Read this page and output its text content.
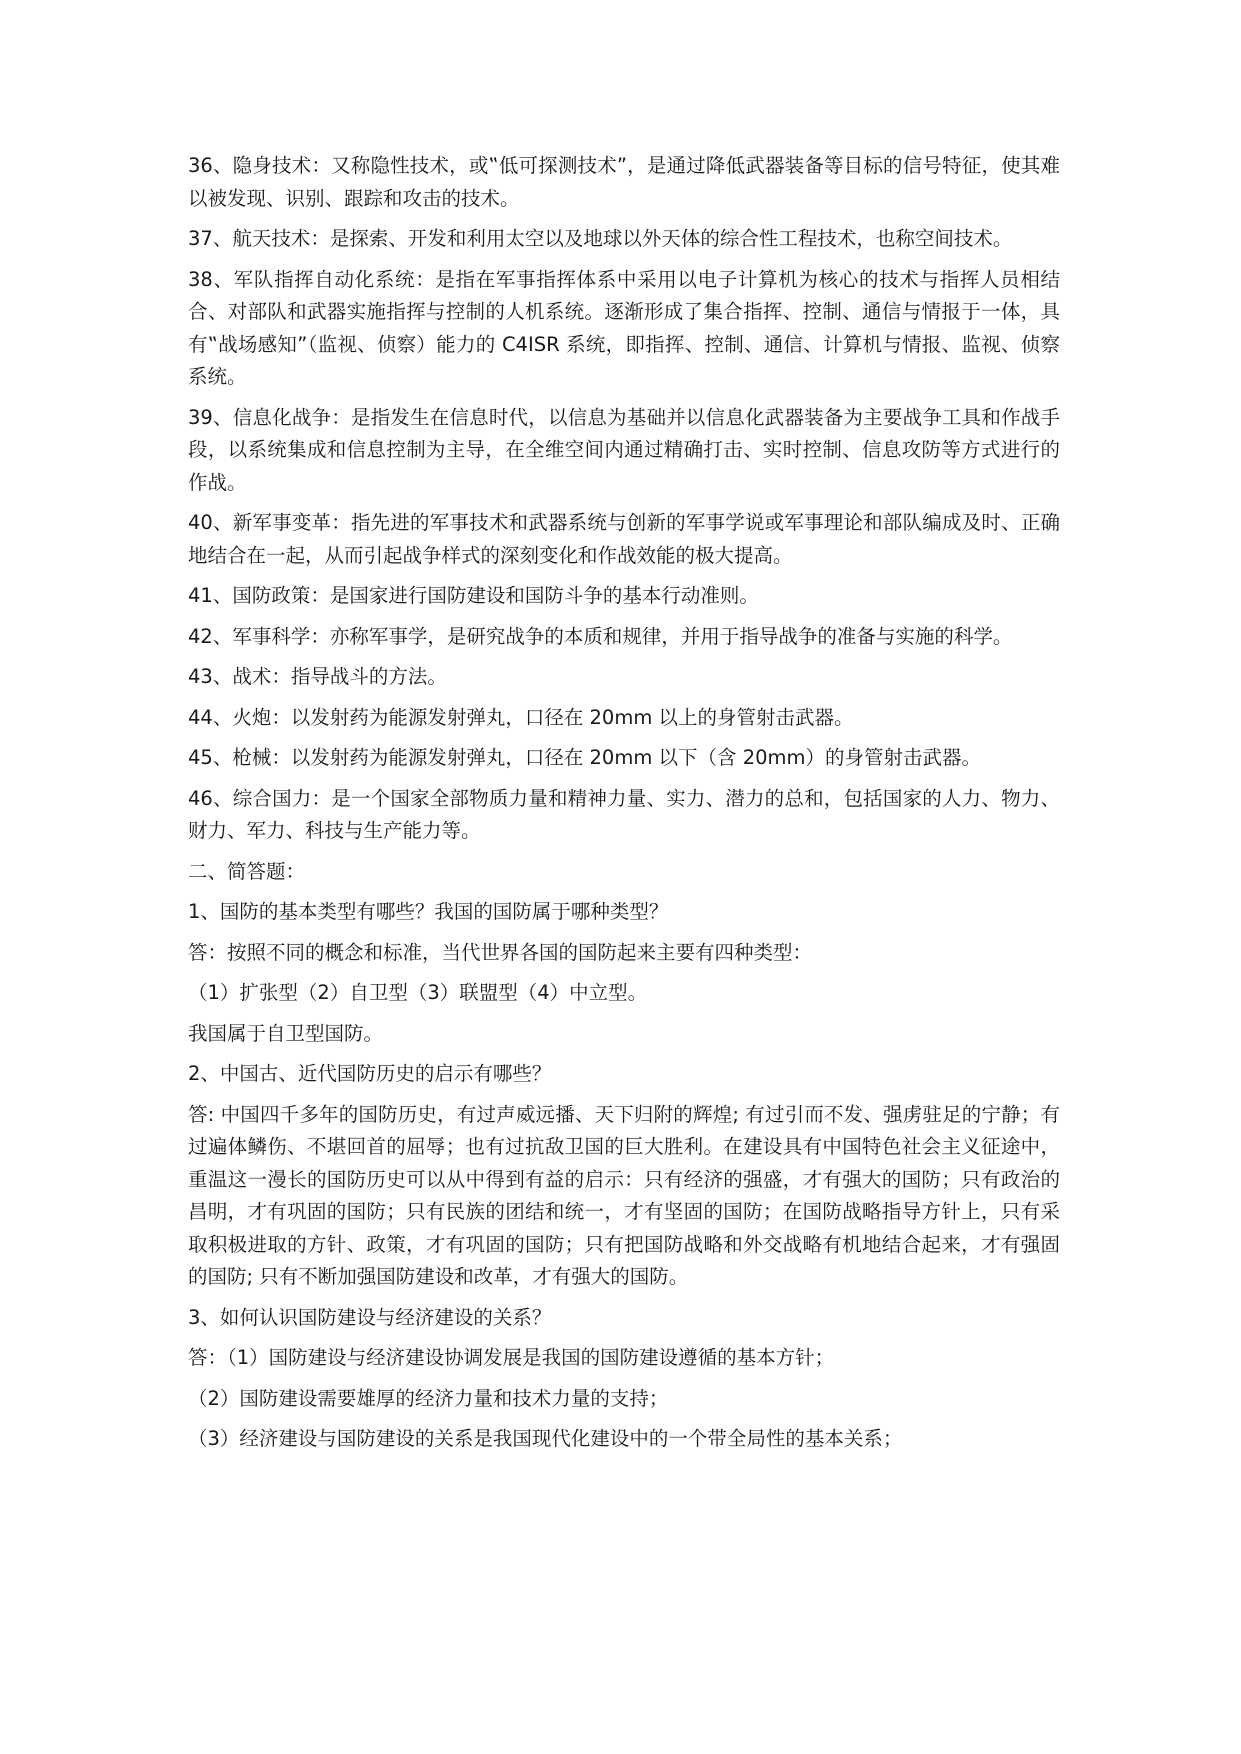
36、隐身技术：又称隐性技术，或‟低可探测技术”，是通过降低武器装备等目标的信号特征，使其难以被发现、识别、跟踪和攻击的技术。

37、航天技术：是探索、开发和利用太空以及地球以外天体的综合性工程技术，也称空间技术。

38、军队指挥自动化系统：是指在军事指挥体系中采用以电子计算机为核心的技术与指挥人员相结合、对部队和武器实施指挥与控制的人机系统。逐渐形成了集合指挥、控制、通信与情报于一体，具有‟战场感知”（监视、侦察）能力的 C4ISR 系统，即指挥、控制、通信、计算机与情报、监视、侦察系统。

39、信息化战争：是指发生在信息时代，以信息为基础并以信息化武器装备为主要战争工具和作战手段，以系统集成和信息控制为主导，在全维空间内通过精确打击、实时控制、信息攻防等方式进行的作战。

40、新军事变革：指先进的军事技术和武器系统与创新的军事学说或军事理论和部队编成及时、正确地结合在一起，从而引起战争样式的深刻变化和作战效能的极大提高。

41、国防政策：是国家进行国防建设和国防斗争的基本行动准则。

42、军事科学：亦称军事学，是研究战争的本质和规律，并用于指导战争的准备与实施的科学。

43、战术：指导战斗的方法。

44、火炮：以发射药为能源发射弹丸，口径在 20mm 以上的身管射击武器。

45、枪械：以发射药为能源发射弹丸，口径在 20mm 以下（含 20mm）的身管射击武器。

46、综合国力：是一个国家全部物质力量和精神力量、实力、潜力的总和，包括国家的人力、物力、财力、军力、科技与生产能力等。

二、简答题：

1、国防的基本类型有哪些？我国的国防属于哪种类型？

答：按照不同的概念和标准，当代世界各国的国防起来主要有四种类型：

（1）扩张型（2）自卫型（3）联盟型（4）中立型。

我国属于自卫型国防。

2、中国古、近代国防历史的启示有哪些？

答: 中国四千多年的国防历史，有过声威远播、天下归附的辉煌; 有过引而不发、强虏驻足的宁静；有过遍体鳞伤、不堪回首的屈辱；也有过抗敌卫国的巨大胜利。在建设具有中国特色社会主义征途中，重温这一漫长的国防历史可以从中得到有益的启示：只有经济的强盛，才有强大的国防；只有政治的昌明，才有巩固的国防；只有民族的团结和统一，才有坚固的国防；在国防战略指导方针上，只有采取积极进取的方针、政策，才有巩固的国防；只有把国防战略和外交战略有机地结合起来，才有强固的国防; 只有不断加强国防建设和改革，才有强大的国防。

3、如何认识国防建设与经济建设的关系？

答：（1）国防建设与经济建设协调发展是我国的国防建设遵循的基本方针；

（2）国防建设需要雄厚的经济力量和技术力量的支持；

（3）经济建设与国防建设的关系是我国现代化建设中的一个带全局性的基本关系；
